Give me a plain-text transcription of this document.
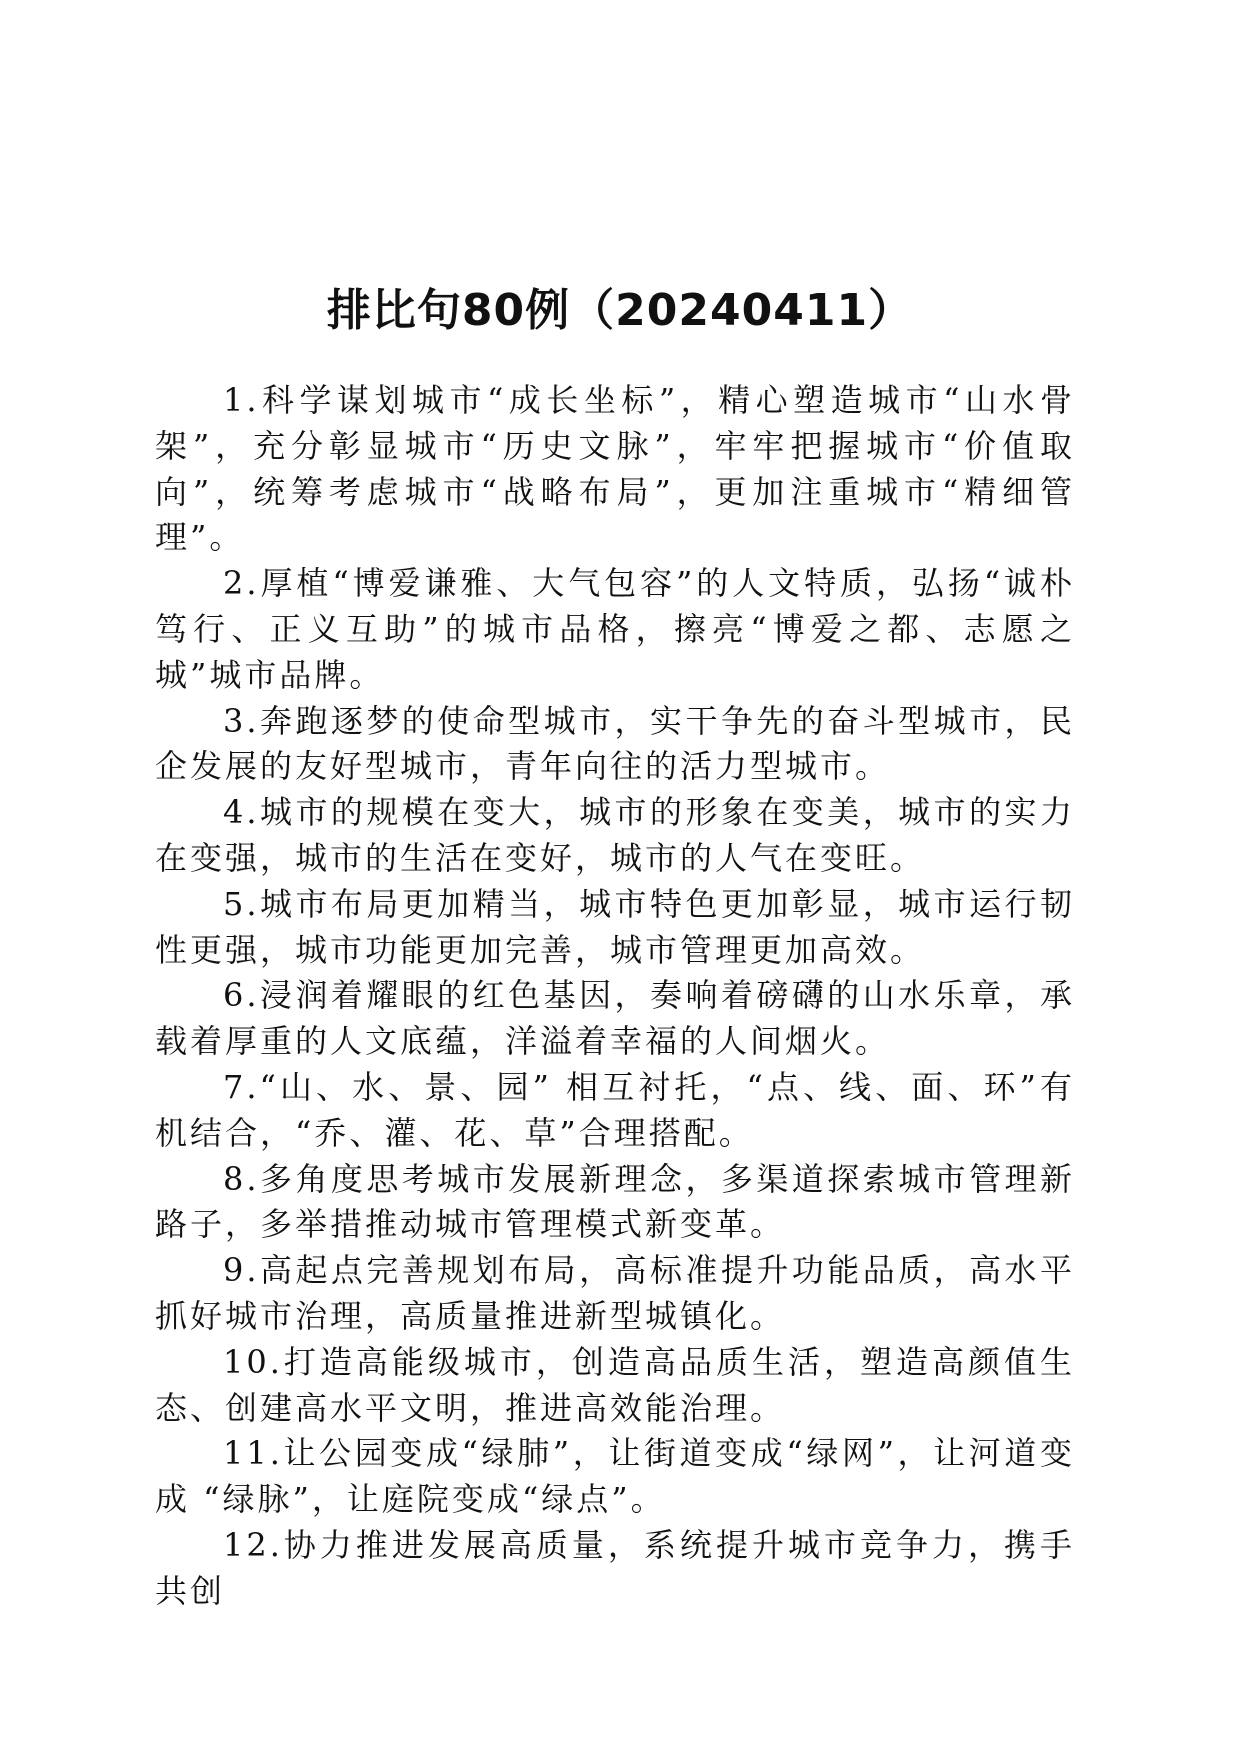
排比句80例（20240411）

1.科学谋划城市“成长坐标”，精心塑造城市“山水骨架”，充分彰显城市“历史文脉”，牢牢把握城市“价值取向”，统筹考虑城市“战略布局”，更加注重城市“精细管理”。

2.厚植“博爱谦雅、大气包容”的人文特质，弘扬“诚朴笃行、正义互助”的城市品格，擦亮“博爱之都、志愿之城”城市品牌。

3.奔跑逐梦的使命型城市，实干争先的奋斗型城市，民企发展的友好型城市，青年向往的活力型城市。

4.城市的规模在变大，城市的形象在变美，城市的实力在变强，城市的生活在变好，城市的人气在变旺。

5.城市布局更加精当，城市特色更加彰显，城市运行韧性更强，城市功能更加完善，城市管理更加高效。

6.浸润着耀眼的红色基因，奏响着磅礴的山水乐章，承载着厚重的人文底蕴，洋溢着幸福的人间烟火。

7.“山、水、景、园” 相互衬托，“点、线、面、环”有机结合，“乔、灌、花、草”合理搭配。

8.多角度思考城市发展新理念，多渠道探索城市管理新路子，多举措推动城市管理模式新变革。

9.高起点完善规划布局，高标准提升功能品质，高水平抓好城市治理，高质量推进新型城镇化。

10.打造高能级城市，创造高品质生活，塑造高颜值生态、创建高水平文明，推进高效能治理。

11.让公园变成“绿肺”，让街道变成“绿网”，让河道变成 “绿脉”，让庭院变成“绿点”。

12.协力推进发展高质量，系统提升城市竞争力，携手共创
